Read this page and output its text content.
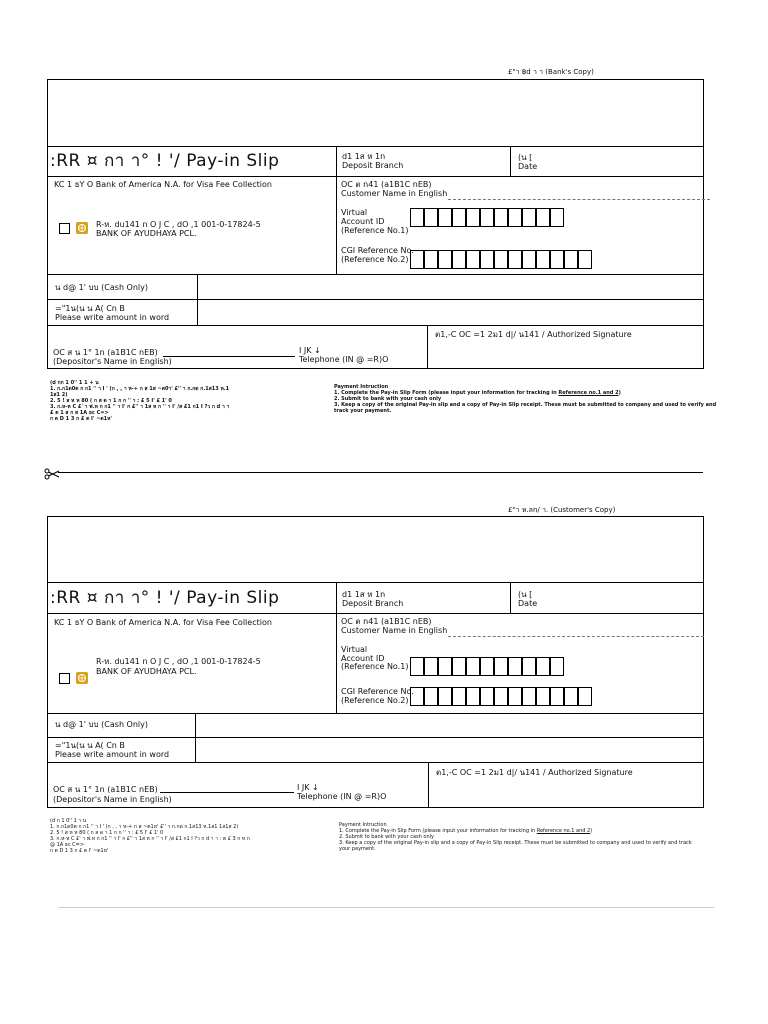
£"า ฿d า า (Bank's Copy)
:RR ¤ กา า° ! '/ Pay-in Slip	d1 1ส ห 1n
Deposit Branch
(น [
Date
KC 1 ธY O Bank of America N.A. for Visa Fee Collection
R-ห. du141 n O J C , dO ,1 001-0-17824-5
BANK OF AYUDHAYA PCL.
OC ต n41 (a1B1C nEB)
Customer Name in English
Virtual
Account ID
(Reference No.1)
CGI Reference No.
(Reference No.2)
น d@ 1' บบ (Cash Only)
="1น(น น A( Cn B
Please write amount in word
ต1,-C OC =1 2ม1 d|/ น141 / Authorized Signature
OC ส น 1° 1n (a1B1C nEB)
(Depositor's Name in English)
I JK ↓
Telephone (IN @ =R)O
(d กก 1 0'' 1 1 + น
1. ก.ก1ด0ต ก ก1 '' า I ' (ก , , า ห-+ ก ส 1ส ~ต0า' £'' า ก.กด ก.1ส13 ห.1
1ส1 2)
2. 5 ! ส ห ห 80 ( ก ส ด า 1 ก ก '' า : £ 5 I' £ 1' 0
3. ก.ห-ห C £' า ฟ.ห ก ก1 '' า I' ก £'' า 1ส ห ก '' า I' /ส £1 ก1 I ?ว ก d า า
£ ต 1 ส ก ส 1A ธc C=>
ก ต D 1 3 ก £ ต I' ~ต1ห'
Payment Intruction
1. Complete the Pay-in Slip Form (please input your information for tracking in Reference no.1 and 2)
2. Submit to bank with your cash only
3. Keep a copy of the original Pay-in slip and a copy of Pay-in Slip receipt. These must be submitted to company and used to verify and
track your payment.
£"า ห.ลn/ า. (Customer's Copy)
:RR ¤ กา า° ! '/ Pay-in Slip	d1 1ส ห 1n
Deposit Branch
(น [
Date
KC 1 ธY O Bank of America N.A. for Visa Fee Collection
R-ห. du141 n O J C , dO ,1 001-0-17824-5
BANK OF AYUDHAYA PCL.
OC ต n41 (a1B1C nEB)
Customer Name in English
Virtual
Account ID
(Reference No.1)
CGI Reference No.
(Reference No.2)
น d@ 1' บบ (Cash Only)
="1น(น น A( Cn B
Please write amount in word
ต1,-C OC =1 2ม1 d|/ น141 / Authorized Signature
OC ส น 1° 1n (a1B1C nEB)
(Depositor's Name in English)
I JK ↓
Telephone (IN @ =R)O
(d ก 1 0'' 1 า น
1. ก.ก1ด0ต ก ก1 '' า I ' (ก , , า ห-+ ก ส ~ต1ห' £'' า ก.กด ก.1ส13 ห.1ส1 1ส1ส 2)
2. 5 ! ส ห ห 80 ( ก ส ด า 1 ก ก '' า : £ 5 I' £ 1' 0
3. ก.ห-ห C £' า ฟ.ห ก ก1 '' า I' ก £'' า 1ส ห ก '' า I' /ส £1 ก1 I ?ว ก d า า : ต £ 3 ก ห ก
@ 1A ธc C=>
ก ต D 1 3 ก £ ต I' ~ต1ห'
Payment Intruction
1. Complete the Pay-in Slip Form (please input your information for tracking in Reference no.1 and 2)
2. Submit to bank with your cash only
3. Keep a copy of the original Pay-in slip and a copy of Pay-in Slip receipt. These must be submitted to company and used to verify and track
your payment.
